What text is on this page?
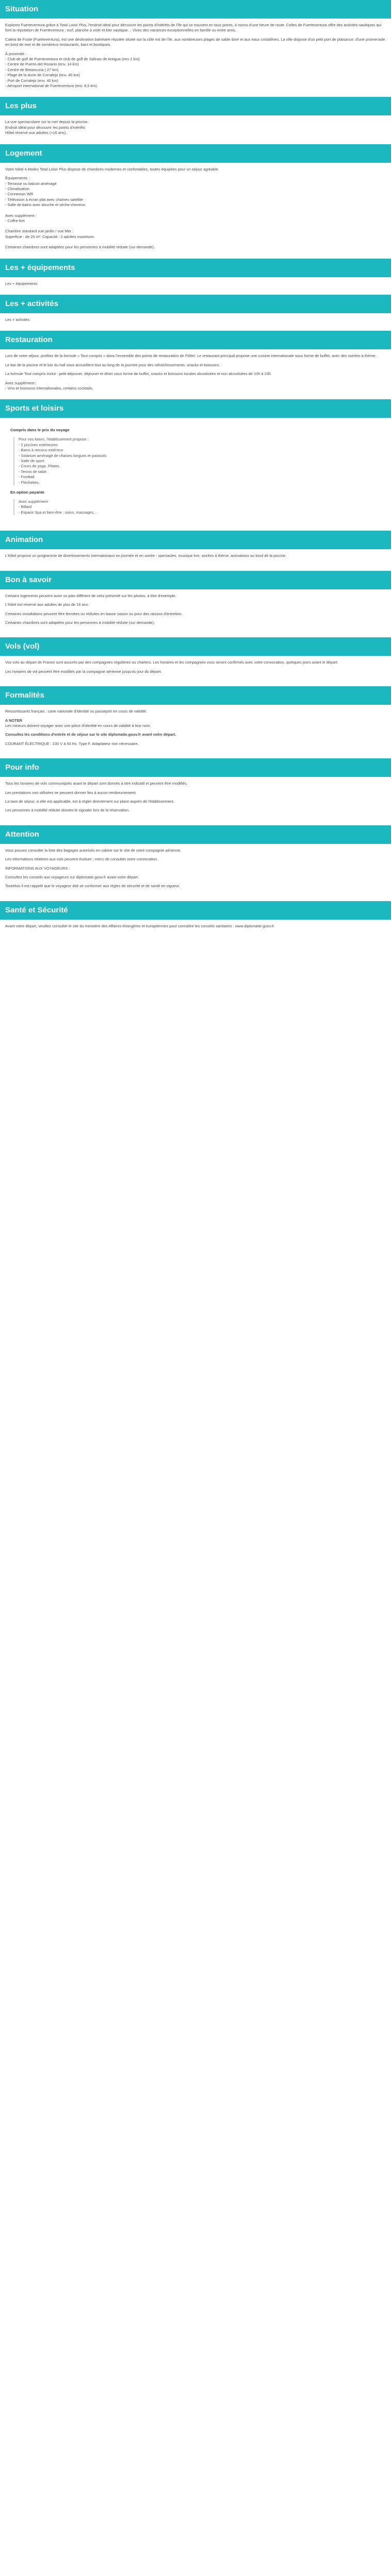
Situation

Explorez Fuerteventura grâce à Total Loisir Plus, l'endroit idéal pour découvrir les points d'intérêts de l'île qui se trouvent en tous points, à moins d'une heure de route. Celles de Fuerteventura offre des activités nautiques qui font la réputation de Fuerteventura : surf, planche à voile et kite nautique… Vivez des vacances exceptionnelles en famille ou entre amis.

Caleta de Fuste (Fuerteventura), est une destination balnéaire réputée située sur la côte est de l'île, aux nombreuses plages de sable doré et aux eaux cristallines. La ville dispose d'un petit port de plaisance, d'une promenade en bord de mer et de nombreux restaurants, bars et boutiques.

À proximité :

- Club de golf de Fuerteventura et club de golf de Salinas de Antigua (env 2 km)

- Centre de Puerto del Rosario (env. 14 km)

- Centre de Betancuria ( 27 km)

- Plage de la dune de Corralejo (env. 40 km)

- Port de Corralejo (env. 40 km)

- Aéroport international de Fuerteventura (env. 8,5 km).

Les plus

La vue spectaculaire sur la mer depuis la piscine.

Endroit idéal pour découvrir les points d'intérêts

Hôtel réservé aux adultes (+16 ans).

Logement

Votre hôtel 4 étoiles Total Loisir Plus dispose de chambres modernes et confortables, toutes équipées pour un séjour agréable.

Équipements :

- Terrasse ou balcon aménagé

- Climatisation

- Connexion Wifi

- Télévision à écran plat avec chaînes satellite

- Salle de bains avec douche et sèche-cheveux.

Avec supplément :

- Coffre-fort

Chambre standard vue jardin / vue Mer :

Superficie : de 25 m². Capacité : 2 adultes maximum.

Certaines chambres sont adaptées pour les personnes à mobilité réduite (sur demande).

Les + équipements

Les + équipements

Les + activités

Les + activités

Restauration

Lors de votre séjour, profitez de la formule « Tout compris » dans l'ensemble des points de restauration de l'hôtel. Le restaurant principal propose une cuisine internationale sous forme de buffet, avec des soirées à thème.

Le bar de la piscine et le bar du hall vous accueillent tout au long de la journée pour des rafraîchissements, snacks et boissons.

La formule Tout compris inclut : petit-déjeuner, déjeuner et dîner sous forme de buffet, snacks et boissons locales alcoolisées et non alcoolisées de 10h à 23h.

Avec supplément :

- Vins et boissons internationales, certains cocktails.

Sports et loisirs

Compris dans le prix du voyage

Pour vos loisirs, l'établissement propose :

- 2 piscines extérieures

- Bains à remous extérieur

- Solarium aménagé de chaises longues et parasols

- Salle de sport

- Cours de yoga, Pilates

- Tennis de table

- Football

- Fléchettes.

En option payante

Avec supplément :

- Billard

- Espace Spa et bien-être : soins, massages…

Animation

L'hôtel propose un programme de divertissements internationaux en journée et en soirée : spectacles, musique live, soirées à thème, animations au bord de la piscine.

Bon à savoir

Certains logements peuvent avoir un plan différent de celui présenté sur les photos, à titre d'exemple.

L'hôtel est réservé aux adultes de plus de 16 ans.

Certaines installations peuvent être fermées ou réduites en basse saison ou pour des raisons d'entretien.

Certaines chambres sont adaptées pour les personnes à mobilité réduite (sur demande).

Vols (vol)

Vos vols au départ de France sont assurés par des compagnies régulières ou charters. Les horaires et les compagnies vous seront confirmés avec votre convocation, quelques jours avant le départ.

Les horaires de vol peuvent être modifiés par la compagnie aérienne jusqu'au jour du départ.

Formalités

Ressortissants français : carte nationale d'identité ou passeport en cours de validité.

A NOTER

Les mineurs doivent voyager avec une pièce d'identité en cours de validité à leur nom.

Consultez les conditions d'entrée et de séjour sur le site diplomatie.gouv.fr avant votre départ.

COURANT ÉLECTRIQUE : 230 V à 50 Hz. Type F. Adaptateur non nécessaire.

Pour info

Tous les horaires de vols communiqués avant le départ sont donnés à titre indicatif et peuvent être modifiés.

Les prestations non utilisées ne peuvent donner lieu à aucun remboursement.

La taxe de séjour, si elle est applicable, est à régler directement sur place auprès de l'établissement.

Les personnes à mobilité réduite doivent le signaler lors de la réservation.

Attention

Vous pouvez consulter la liste des bagages autorisés en cabine sur le site de votre compagnie aérienne.

Les informations relatives aux vols peuvent évoluer ; merci de consulter votre convocation.

INFORMATIONS AUX VOYAGEURS :

Consultez les conseils aux voyageurs sur diplomatie.gouv.fr avant votre départ.

Toutefois il est rappelé que le voyageur doit se conformer aux règles de sécurité et de santé en vigueur.

Santé et Sécurité

Avant votre départ, veuillez consulter le site du ministère des Affaires étrangères et européennes pour connaître les conseils sanitaires : www.diplomatie.gouv.fr.
